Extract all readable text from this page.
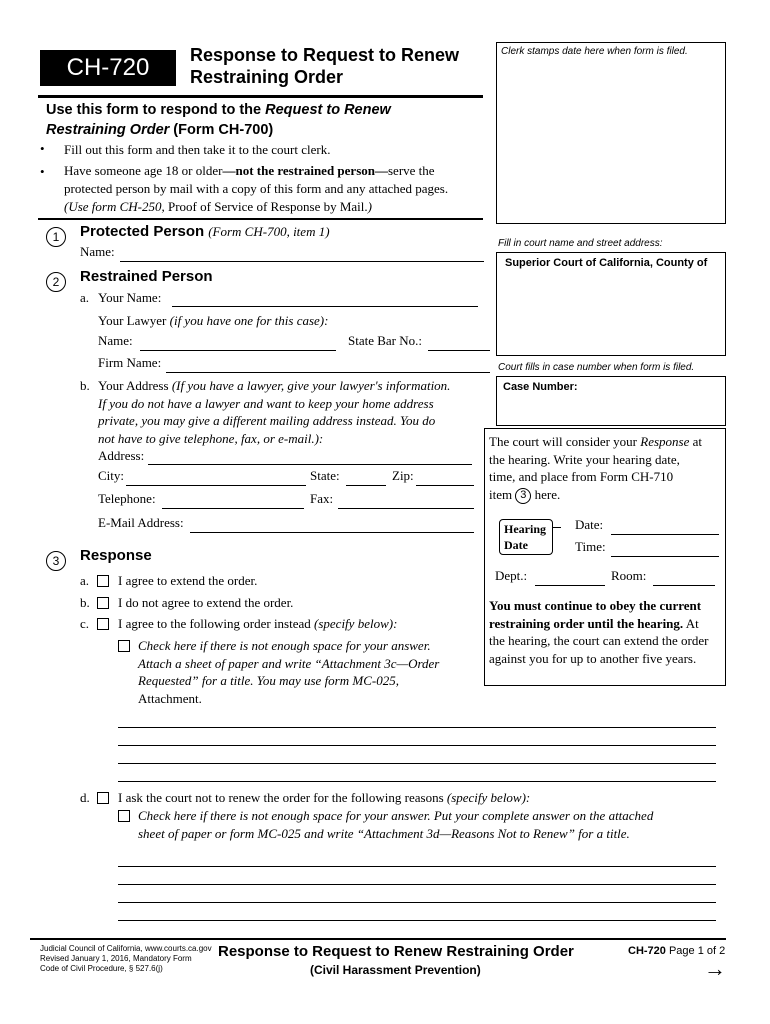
CH-720	Response to Request to Renew
Restraining Order
Clerk stamps date here when form is filed.
Use this form to respond to the Request to Renew
Restraining Order (Form CH-700)
• Fill out this form and then take it to the court clerk.
• Have someone age 18 or older—not the restrained person—serve the
protected person by mail with a copy of this form and any attached pages.
(Use form CH-250, Proof of Service of Response by Mail.)
1	Protected Person (Form CH-700, item 1)
Name:
2	Restrained Person
a. Your Name:
Your Lawyer (if you have one for this case):
Name:	State Bar No.:
Firm Name:
b. Your Address (If you have a lawyer, give your lawyer's information.
If you do not have a lawyer and want to keep your home address
private, you may give a different mailing address instead. You do
not have to give telephone, fax, or e-mail.):
Address:
City:	State:	Zip:
Telephone:	Fax:
E-Mail Address:
3	Response
a. I agree to extend the order.
b. I do not agree to extend the order.
c. I agree to the following order instead (specify below):
Check here if there is not enough space for your answer.
Attach a sheet of paper and write “Attachment 3c—Order
Requested” for a title. You may use form MC-025,
Attachment.
d. I ask the court not to renew the order for the following reasons (specify below):
Check here if there is not enough space for your answer. Put your complete answer on the attached
sheet of paper or form MC-025 and write “Attachment 3d—Reasons Not to Renew” for a title.
Fill in court name and street address:
Superior Court of California, County of
Court fills in case number when form is filed.
Case Number:
The court will consider your Response at
the hearing. Write your hearing date,
time, and place from Form CH-710
item 3 here.
Hearing
Date
Date:
Time:
Dept.:	Room:
You must continue to obey the current
restraining order until the hearing. At
the hearing, the court can extend the order
against you for up to another five years.
Judicial Council of California, www.courts.ca.gov
Revised January 1, 2016, Mandatory Form
Code of Civil Procedure, § 527.6(j)
Response to Request to Renew Restraining Order
(Civil Harassment Prevention)
CH-720 Page 1 of 2
→
